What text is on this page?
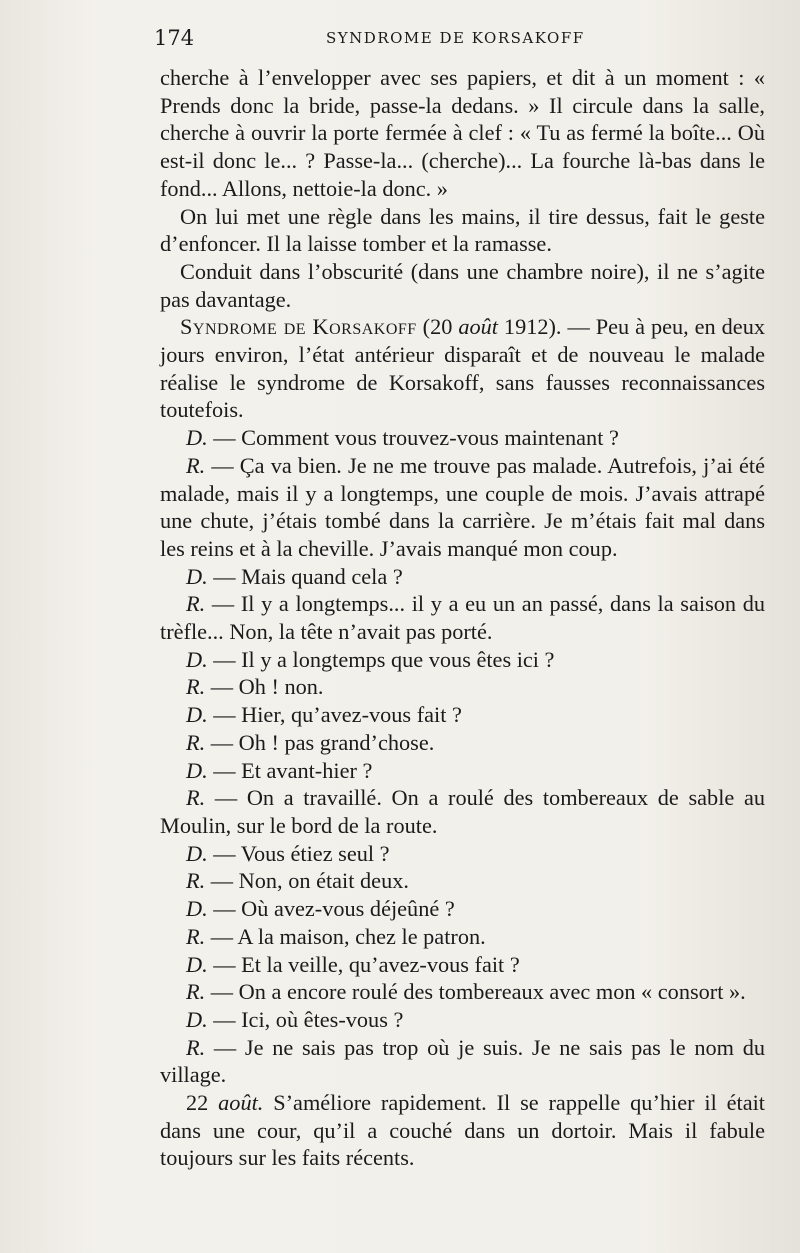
174	SYNDROME DE KORSAKOFF

cherche à l’envelopper avec ses papiers, et dit à un moment : « Prends donc la bride, passe-la dedans. » Il circule dans la salle, cherche à ouvrir la porte fermée à clef : « Tu as fermé la boîte... Où est-il donc le... ? Passe-la... (cherche)... La fourche là-bas dans le fond... Allons, nettoie-la donc. »

On lui met une règle dans les mains, il tire dessus, fait le geste d’enfoncer. Il la laisse tomber et la ramasse.

Conduit dans l’obscurité (dans une chambre noire), il ne s’agite pas davantage.

Syndrome de Korsakoff (20 août 1912). — Peu à peu, en deux jours environ, l’état antérieur disparaît et de nouveau le malade réalise le syndrome de Korsakoff, sans fausses reconnaissances toutefois.

D. — Comment vous trouvez-vous maintenant ?

R. — Ça va bien. Je ne me trouve pas malade. Autrefois, j’ai été malade, mais il y a longtemps, une couple de mois. J’avais attrapé une chute, j’étais tombé dans la carrière. Je m’étais fait mal dans les reins et à la cheville. J’avais manqué mon coup.

D. — Mais quand cela ?

R. — Il y a longtemps... il y a eu un an passé, dans la saison du trèfle... Non, la tête n’avait pas porté.

D. — Il y a longtemps que vous êtes ici ?

R. — Oh ! non.

D. — Hier, qu’avez-vous fait ?

R. — Oh ! pas grand’chose.

D. — Et avant-hier ?

R. — On a travaillé. On a roulé des tombereaux de sable au Moulin, sur le bord de la route.

D. — Vous étiez seul ?

R. — Non, on était deux.

D. — Où avez-vous déjeûné ?

R. — A la maison, chez le patron.

D. — Et la veille, qu’avez-vous fait ?

R. — On a encore roulé des tombereaux avec mon « consort ».

D. — Ici, où êtes-vous ?

R. — Je ne sais pas trop où je suis. Je ne sais pas le nom du village.

22 août. S’améliore rapidement. Il se rappelle qu’hier il était dans une cour, qu’il a couché dans un dortoir. Mais il fabule toujours sur les faits récents.
